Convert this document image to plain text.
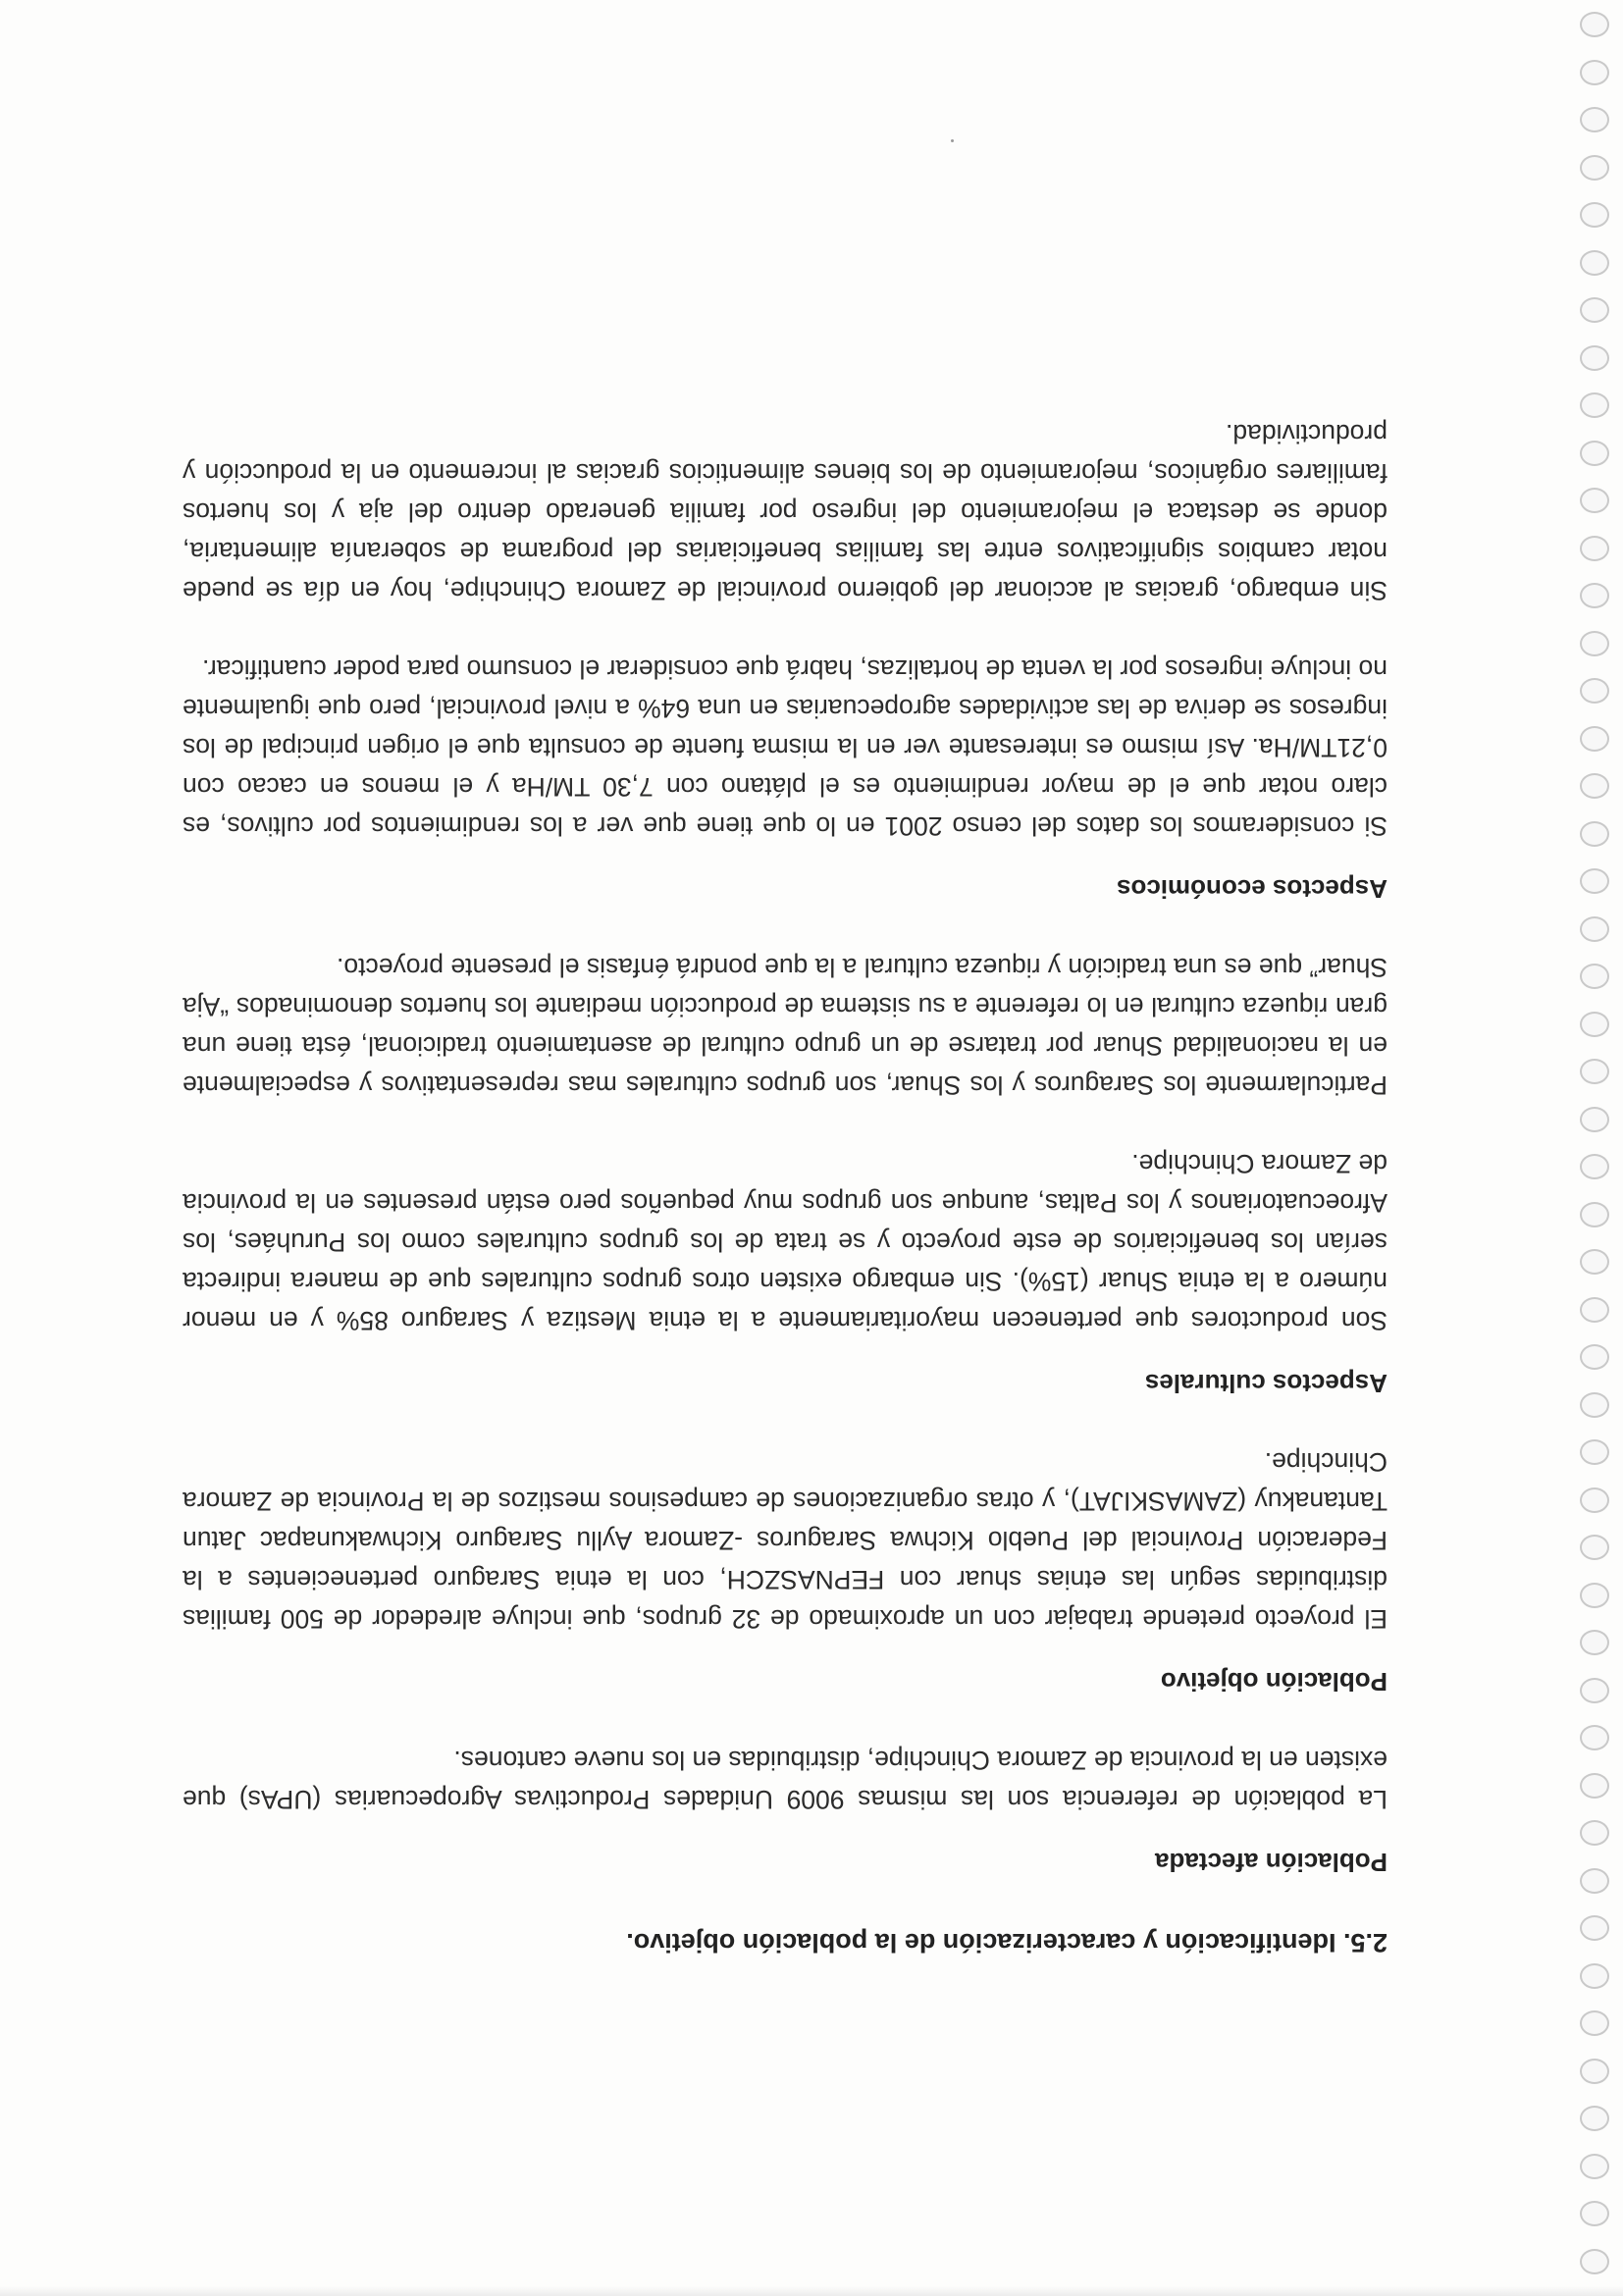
2.5. Identificación y caracterización de la población objetivo.
Población afectada

La población de referencia son las mismas 9009 Unidades Productivas Agropecuarias (UPAs) que existen en la provincia de Zamora Chinchipe, distribuidas en los nueve cantones.

Población objetivo

El proyecto pretende trabajar con un aproximado de 32 grupos, que incluye alrededor de 500 familias distribuidas según las etnias shuar con FEPNASZCH, con la etnia Saraguro pertenecientes a la Federación Provincial del Pueblo Kichwa Saraguros -Zamora Ayllu Saraguro Kichwakunapac Jatun Tantanakuy (ZAMASKIJAT), y otras organizaciones de campesinos mestizos de la Provincia de Zamora Chinchipe.

Aspectos culturales

Son productores que pertenecen mayoritariamente a la etnia Mestiza y Saraguro 85% y en menor número a la etnia Shuar (15%). Sin embargo existen otros grupos culturales que de manera indirecta serían los beneficiarios de este proyecto y se trata de los grupos culturales como los Puruháes, los Afroecuatorianos y los Paltas, aunque son grupos muy pequeños pero están presentes en la provincia de Zamora Chinchipe.

Particularmente los Saraguros y los Shuar, son grupos culturales mas representativos y especialmente en la nacionalidad Shuar por tratarse de un grupo cultural de asentamiento tradicional, ésta tiene una gran riqueza cultural en lo referente a su sistema de producción mediante los huertos denominados “Aja Shuar” que es una tradición y riqueza cultural a la que pondrá énfasis el presente proyecto.

Aspectos económicos

Si consideramos los datos del censo 2001 en lo que tiene que ver a los rendimientos por cultivos, es claro notar que el de mayor rendimiento es el plátano con 7,30 TM/Ha y el menos en cacao con 0,21TM/Ha. Así mismo es interesante ver en la misma fuente de consulta que el origen principal de los ingresos se deriva de las actividades agropecuarias en una 64% a nivel provincial, pero que igualmente no incluye ingresos por la venta de hortalizas, habrá que considerar el consumo para poder cuantificar.

Sin embargo, gracias al accionar del gobierno provincial de Zamora Chinchipe, hoy en día se puede notar cambios significativos entre las familias beneficiarias del programa de soberanía alimentaria, donde se destaca el mejoramiento del ingreso por familia generado dentro del aja y los huertos familiares orgánicos, mejoramiento de los bienes alimenticios gracias al incremento en la producción y productividad.
